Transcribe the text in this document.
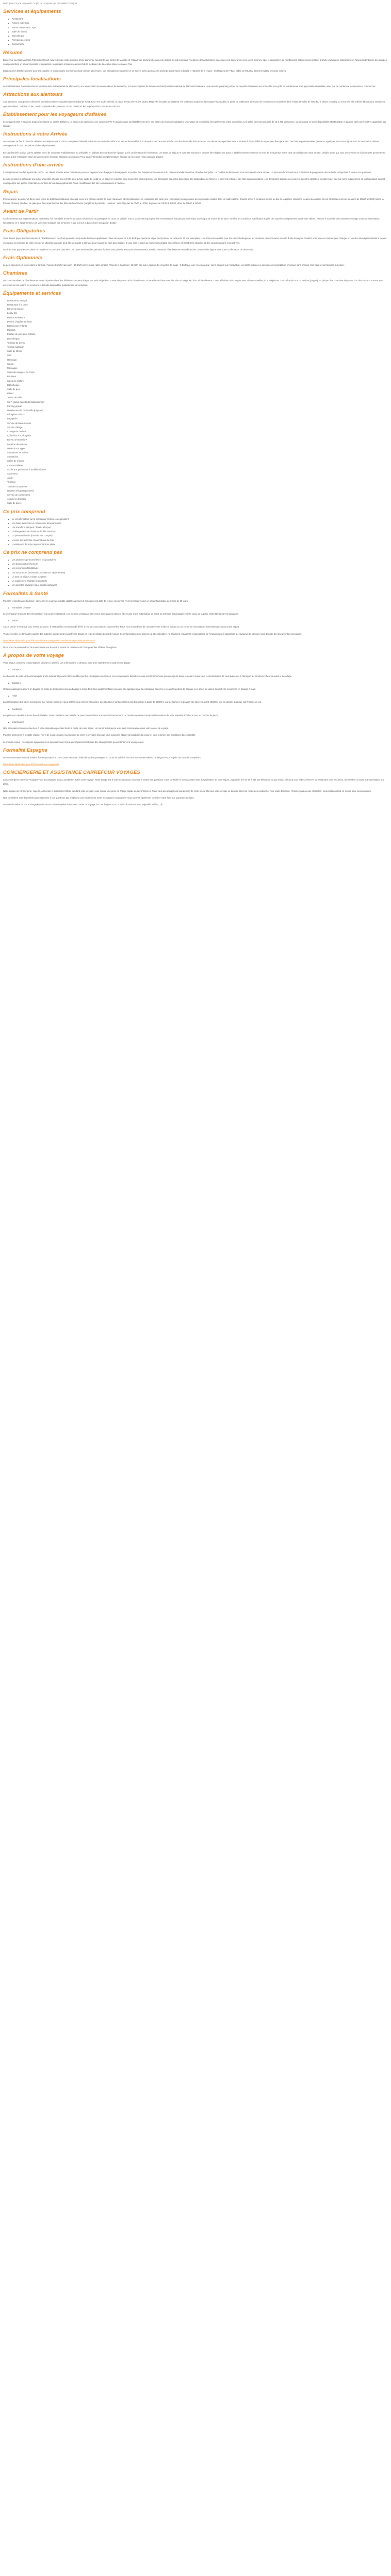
Description Ce prix comprend / Ce prix ne comprend pas Formalités Consignes
Services et équipements
■ Restaurant
■ Piscine extérieure
■ Sauna - Hammam - Spa
■ Salle de fitness
■ Discothèque
■ Animaux acceptés
■ Conciergerie
Résumé

Bienvenue au Club Marmara Palmeraie Resort, havre de paix niché au cœur d'une palmeraie luxuriante aux portes de Marrakech. Réparti sur plusieurs hectares de jardins, le club conjugue l'élégance de l'architecture marocaine à la douceur de vivre, avec piscines, spa, restaurants et de nombreuses activités pour petits et grands. L'ambiance chaleureuse et l'accueil attentionné des équipes vous promettent un séjour reposant et dépaysant, à quelques minutes seulement de la médina et de la célèbre place Jemaa el-Fna.

Idéal pour les familles comme pour les couples, le club propose une formule tout compris généreuse, des animations en journée et en soirée, ainsi qu'un accès privilégié aux trésors culturels et naturels de la région : montagnes de l'Atlas, vallée de l'Ourika, désert d'Agafay et souks colorés.

Principales localisations

Le Club Marmara Palmeraie Resort est situé dans la Palmeraie de Marrakech, à environ 10 km du centre-ville et de la médina, et à une vingtaine de minutes de l'aéroport international de Marrakech-Ménara. Une navette (payante) permet de rejoindre facilement le centre-ville. Les golfs de la Palmeraie sont à proximité immédiate, ainsi que de nombreux restaurants et commerces.

Attractions aux alentours

Aux alentours, vous pourrez découvrir la médina classée au patrimoine mondial de l'UNESCO, ses souks animés, la place Jemaa el-Fna, les jardins Majorelle, le palais de la Bahia, les tombeaux saadiens, la mosquée Koutoubia, le jardin de la Ménara, ainsi que de nombreuses excursions dans l'Atlas, la vallée de l'Ourika, le désert d'Agafay ou encore la ville côtière d'Essaouira. Distances approximatives : médina 10 km, Jardin Majorelle 8 km, Menara 12 km, Ourika 35 km, Agafay 40 km, Essaouira 190 km.

Établissement pour les voyageurs d'affaires

Les équipements et services proposés incluent un centre d'affaires, un service de traduction, une connexion Wi-Fi gratuite dans tout l'établissement et des salles de réunion modulables. Un espace de coworking est également à votre disposition. Les salles peuvent accueillir de 10 à 200 personnes, sur demande et selon disponibilité. Restauration et pauses-café peuvent être organisées par l'équipe.

Instructions à votre Arrivée

Les arrivées se font à partir de 15h00 et les départs avant 12h00. Une pièce d'identité valide et une carte de crédit vous seront demandées à la réception lors de votre arrivée pour les éventuels frais annexes. Les demandes spéciales sont soumises à disponibilité et ne peuvent être garanties. Des frais supplémentaires peuvent s'appliquer. Les noms figurant sur la réservation doivent correspondre à ceux des pièces d'identité présentées.

En cas d'arrivée tardive (après 22h00), merci de contacter l'établissement au préalable en utilisant les coordonnées figurant sur la confirmation de réservation. Les taxes de séjour ne sont pas incluses et devront être réglées sur place. L'établissement se réserve le droit de préautoriser votre carte de crédit avant votre arrivée. Veuillez noter que tous les services et équipements peuvent être soumis à des restrictions selon la saison ou les mesures sanitaires en vigueur. Pour toute information complémentaire, l'équipe de réception reste joignable 24h/24.

Instructions d'une arrivée

L'enregistrement se fait à partir de 15h00. Les clients arrivant avant cette heure peuvent déposer leurs bagages à la bagagerie et profiter des équipements communs du club en attendant que leur chambre soit prête. Un cocktail de bienvenue vous sera servi à votre arrivée. Le personnel d'accueil vous présentera le programme des activités et répondra à toutes vos questions.

Les clients doivent présenter une pièce d'identité officielle avec photo ainsi qu'une carte de crédit ou un dépôt en espèces pour couvrir les frais imprévus. Les demandes spéciales dépendent des disponibilités à l'arrivée et peuvent entraîner des frais supplémentaires. Les demandes spéciales ne peuvent pas être garanties. Veuillez noter que les noms indiqués lors de la réservation doivent correspondre aux pièces d'identité présentées lors de l'enregistrement. Toute modification doit être communiquée à l'avance.

Repas

Petit-déjeuner, déjeuner et dîner sous forme de buffet au restaurant principal, avec une grande variété de plats marocains et internationaux. Un restaurant à la carte (sur réservation) vous propose des spécialités locales dans un cadre raffiné. Snacks servis à certaines heures au bar de la piscine. Boissons locales alcoolisées et non alcoolisées servies au verre de 10h00 à 23h00 (selon la formule choisie). Un dîner de gala peut être organisé lors des fêtes de fin d'année (supplément possible). Horaires : petit-déjeuner de 7h00 à 10h00, déjeuner de 12h30 à 14h30, dîner de 19h00 à 21h30.

Avant de Partir

Conformément aux réglementations nationales, les formalités d'entrée au Maroc nécessitent un passeport en cours de validité. Aucun visa n'est requis pour les ressortissants français pour un séjour touristique de moins de 90 jours. Vérifiez les conditions spécifiques auprès des autorités compétentes avant votre départ. Pensez à souscrire une assurance voyage couvrant l'annulation, l'assistance et le rapatriement. Les tarifs sont indiqués par personne et par nuit sur la base d'une occupation double.

Frais Obligatoires

Vous devrez payer les frais suivants à l'établissement. Ces frais peuvent comprendre les taxes applicables : taxe de séjour de 2,50 EUR par personne et par nuit (enfants de moins de 12 ans exemptés). Les frais sont calculés pour les clients hébergés et les montants peuvent varier selon la durée du séjour. Veuillez noter que ce montant peut changer en fonction des réglementations locales en vigueur au moment de votre séjour. Un dépôt de garantie peut être demandé à l'arrivée pour couvrir les frais accessoires. Il vous sera restitué au moment du départ, sous réserve de l'état de la chambre et des consommations enregistrées.

Les frais sont payables sur place, en espèces ou par carte bancaire. Les taxes mentionnées peuvent évoluer sans préavis. Pour plus d'informations, veuillez contacter l'établissement en utilisant les coordonnées figurant sur votre confirmation de réservation.

Frais Optionnels

Le petit-déjeuner est inclus dans la formule. Frais de transfert aéroport : 25 EUR par véhicule (aller simple). Frais de lit d'appoint : 15 EUR par nuit. Location de serviettes de plage : 2 EUR par jour. Accès au spa : soins payants sur réservation. Les tarifs indiqués ci-dessus sont susceptibles d'évoluer sans préavis. Ces frais seront facturés sur place.

Chambres

Les 252 chambres de l'établissement sont réparties dans des bâtiments de deux étages entourés de jardins. Toutes disposent de la climatisation, d'une salle de bains avec douche ou baignoire, d'un sèche-cheveux, d'une télévision à écran plat avec chaînes satellite, d'un téléphone, d'un coffre-fort et d'un minibar (payant). La plupart des chambres disposent d'un balcon ou d'une terrasse avec vue sur les jardins ou la piscine. Lits bébé disponibles gratuitement sur demande.

Équipements et services
Restaurant principal
Restaurant à la carte
Bar de la piscine
Lobby bar
Piscine extérieure
Piscine chauffée en hiver
Bassin pour enfants
Miniclub
Espace de jeux pour enfants
Discothèque
Terrains de tennis
Terrain multisport
Salle de fitness
Spa
Hammam
Sauna
Massages
Soins du visage et du corps
Boutique
Salon de coiffure
Bibliothèque
Salle de jeux
Billard
Tennis de table
Wi-Fi gratuit dans tout l'établissement
Parking gratuit
Navette vers le centre-ville (payante)
Réception 24h/24
Bagagerie
Service de blanchisserie
Service d'étage
Change de devises
Coffre-fort à la réception
Bureau d'excursions
Location de voitures
Médecin sur appel
Animations en soirée
Spectacles
Salles de réunion
Centre d'affaires
Accès aux personnes à mobilité réduite
Ascenseur
Jardin
Terrasse
Transats et parasols
Navette aéroport (payante)
Service de conciergerie
Accueil en français
Salle de prière
Ce prix comprend
■ Le vol aller-retour sur la compagnie choisie, ou équivalent
■ Les taxes aériennes et redevances aéroportuaires
■ Les transferts aéroport / hôtel / aéroport
■ L'hébergement en chambre double standard
■ La pension choisie (formule tout compris)
■ L'accès aux activités et animations du club
■ L'assistance de notre représentant sur place
Ce prix ne comprend pas
■ Les dépenses personnelles et les pourboires
■ Les boissons hors formule
■ Les excursions facultatives
■ Les assurances (annulation, assistance, rapatriement)
■ La taxe de séjour à régler sur place
■ Le supplément chambre individuelle
■ Les activités payantes (spa, sports nautiques)
Formalités & Santé

Pour les ressortissants français : passeport en cours de validité valable au moins 6 mois après la date de retour. Aucun visa n'est nécessaire pour un séjour touristique de moins de 90 jours.

■ Formalités d'entrée

Les voyageurs mineurs doivent posséder leur propre passeport. Les mineurs voyageant sans leurs deux parents doivent être munis d'une autorisation de sortie du territoire accompagnée de la copie de la pièce d'identité du parent signataire.

■ Santé

Aucun vaccin n'est exigé pour entrer au Maroc. Il est toutefois recommandé d'être à jour des vaccinations universelles. Nous vous conseillons de consulter votre médecin traitant ou un centre de vaccinations internationales avant votre départ.

Veuillez vérifier les formalités auprès des autorités compétentes avant votre départ, la réglementation pouvant évoluer. Ces informations sont données à titre indicatif et ne sauraient engager la responsabilité de l'organisateur. Il appartient au voyageur de s'assurer qu'il dispose des documents nécessaires.

https://www.diplomatie.gouv.fr/fr/conseils-aux-voyageurs/conseils-par-pays-destination/maroc/

Nous vous recommandons de vous inscrire sur le service Ariane du ministère de l'Europe et des Affaires étrangères.

À propos de votre voyage

Votre séjour comprend les prestations décrites ci-dessus. Les informations ci-dessous sont à lire attentivement avant votre départ.

■ Transport

Les horaires de vols sont communiqués à titre indicatif et peuvent être modifiés par les compagnies aériennes. Les convocations définitives vous seront transmises quelques jours avant le départ. Nous vous recommandons de vous présenter à l'aéroport au minimum 2 heures avant le décollage.

■ Bagages

Chaque passager a droit à un bagage en soute de 20 kg ainsi qu'à un bagage à main. Des frais supplémentaires peuvent être appliqués par la compagnie aérienne en cas d'excédent de bagage. Les objets de valeur doivent être conservés en bagage à main.

■ Hôtel

La classification des hôtels correspond aux normes locales et peut différer des normes françaises. Les chambres sont généralement disponibles à partir de 15h00 le jour de l'arrivée et doivent être libérées avant 12h00 le jour du départ, quel que soit l'horaire de vol.

■ Conditions

Les prix sont calculés sur une base forfaitaire. Toute prestation non utilisée ne pourra donner lieu à aucun remboursement. Le nombre de nuits correspond au nombre de nuits passées à l'hôtel et non au nombre de jours.

■ Informations

Nos partenaires locaux se tiennent à votre disposition pendant toute la durée de votre séjour. Un numéro d'urgence vous sera communiqué dans votre carnet de voyage.

Pour les personnes à mobilité réduite, merci de nous contacter au moment de votre réservation afin que nous puissions étudier la faisabilité du séjour et vous informer des conditions d'accessibilité.

Le monde évolue : nos séjours également. Les descriptifs sont mis à jour régulièrement mais des changements peuvent intervenir sans préavis.

Formalité Espagne

Les ressortissants français doivent être en possession d'une carte nationale d'identité ou d'un passeport en cours de validité. Pour les autres nationalités, renseignez-vous auprès du consulat compétent.

https://www.diplomatie.gouv.fr/fr/conseils-aux-voyageurs/

CONCIERGERIE ET ASSISTANCE CARREFOUR VOYAGES

La Conciergerie Carrefour Voyages vous accompagne avant, pendant et après votre voyage. Notre équipe est à votre écoute pour répondre à toutes vos questions, vous conseiller et vous assister dans l'organisation de votre séjour. Joignable 7j/7 de 9h à 21h par téléphone ou par email, elle peut vous aider à réserver un restaurant, une excursion, un transfert ou toute autre prestation sur place.

Notre équipe de conciergerie, experte, à l'écoute et disponible 24h/24 pendant votre voyage, vous assure une prise en charge rapide en cas d'imprévu. Nous vous accompagnons tout au long de votre séjour afin que votre voyage se déroule dans les meilleures conditions. Pour toute demande, n'hésitez pas à nous contacter : nous mettrons tout en œuvre pour vous satisfaire.

Nos conseillers sont disponibles pour répondre à vos questions par téléphone, par email ou via notre messagerie instantanée. Vous pouvez également consulter notre foire aux questions en ligne.

Les coordonnées de la Conciergerie vous seront communiquées dans votre carnet de voyage. En cas d'urgence, un numéro d'assistance est joignable 24h/24, 7j/7.
